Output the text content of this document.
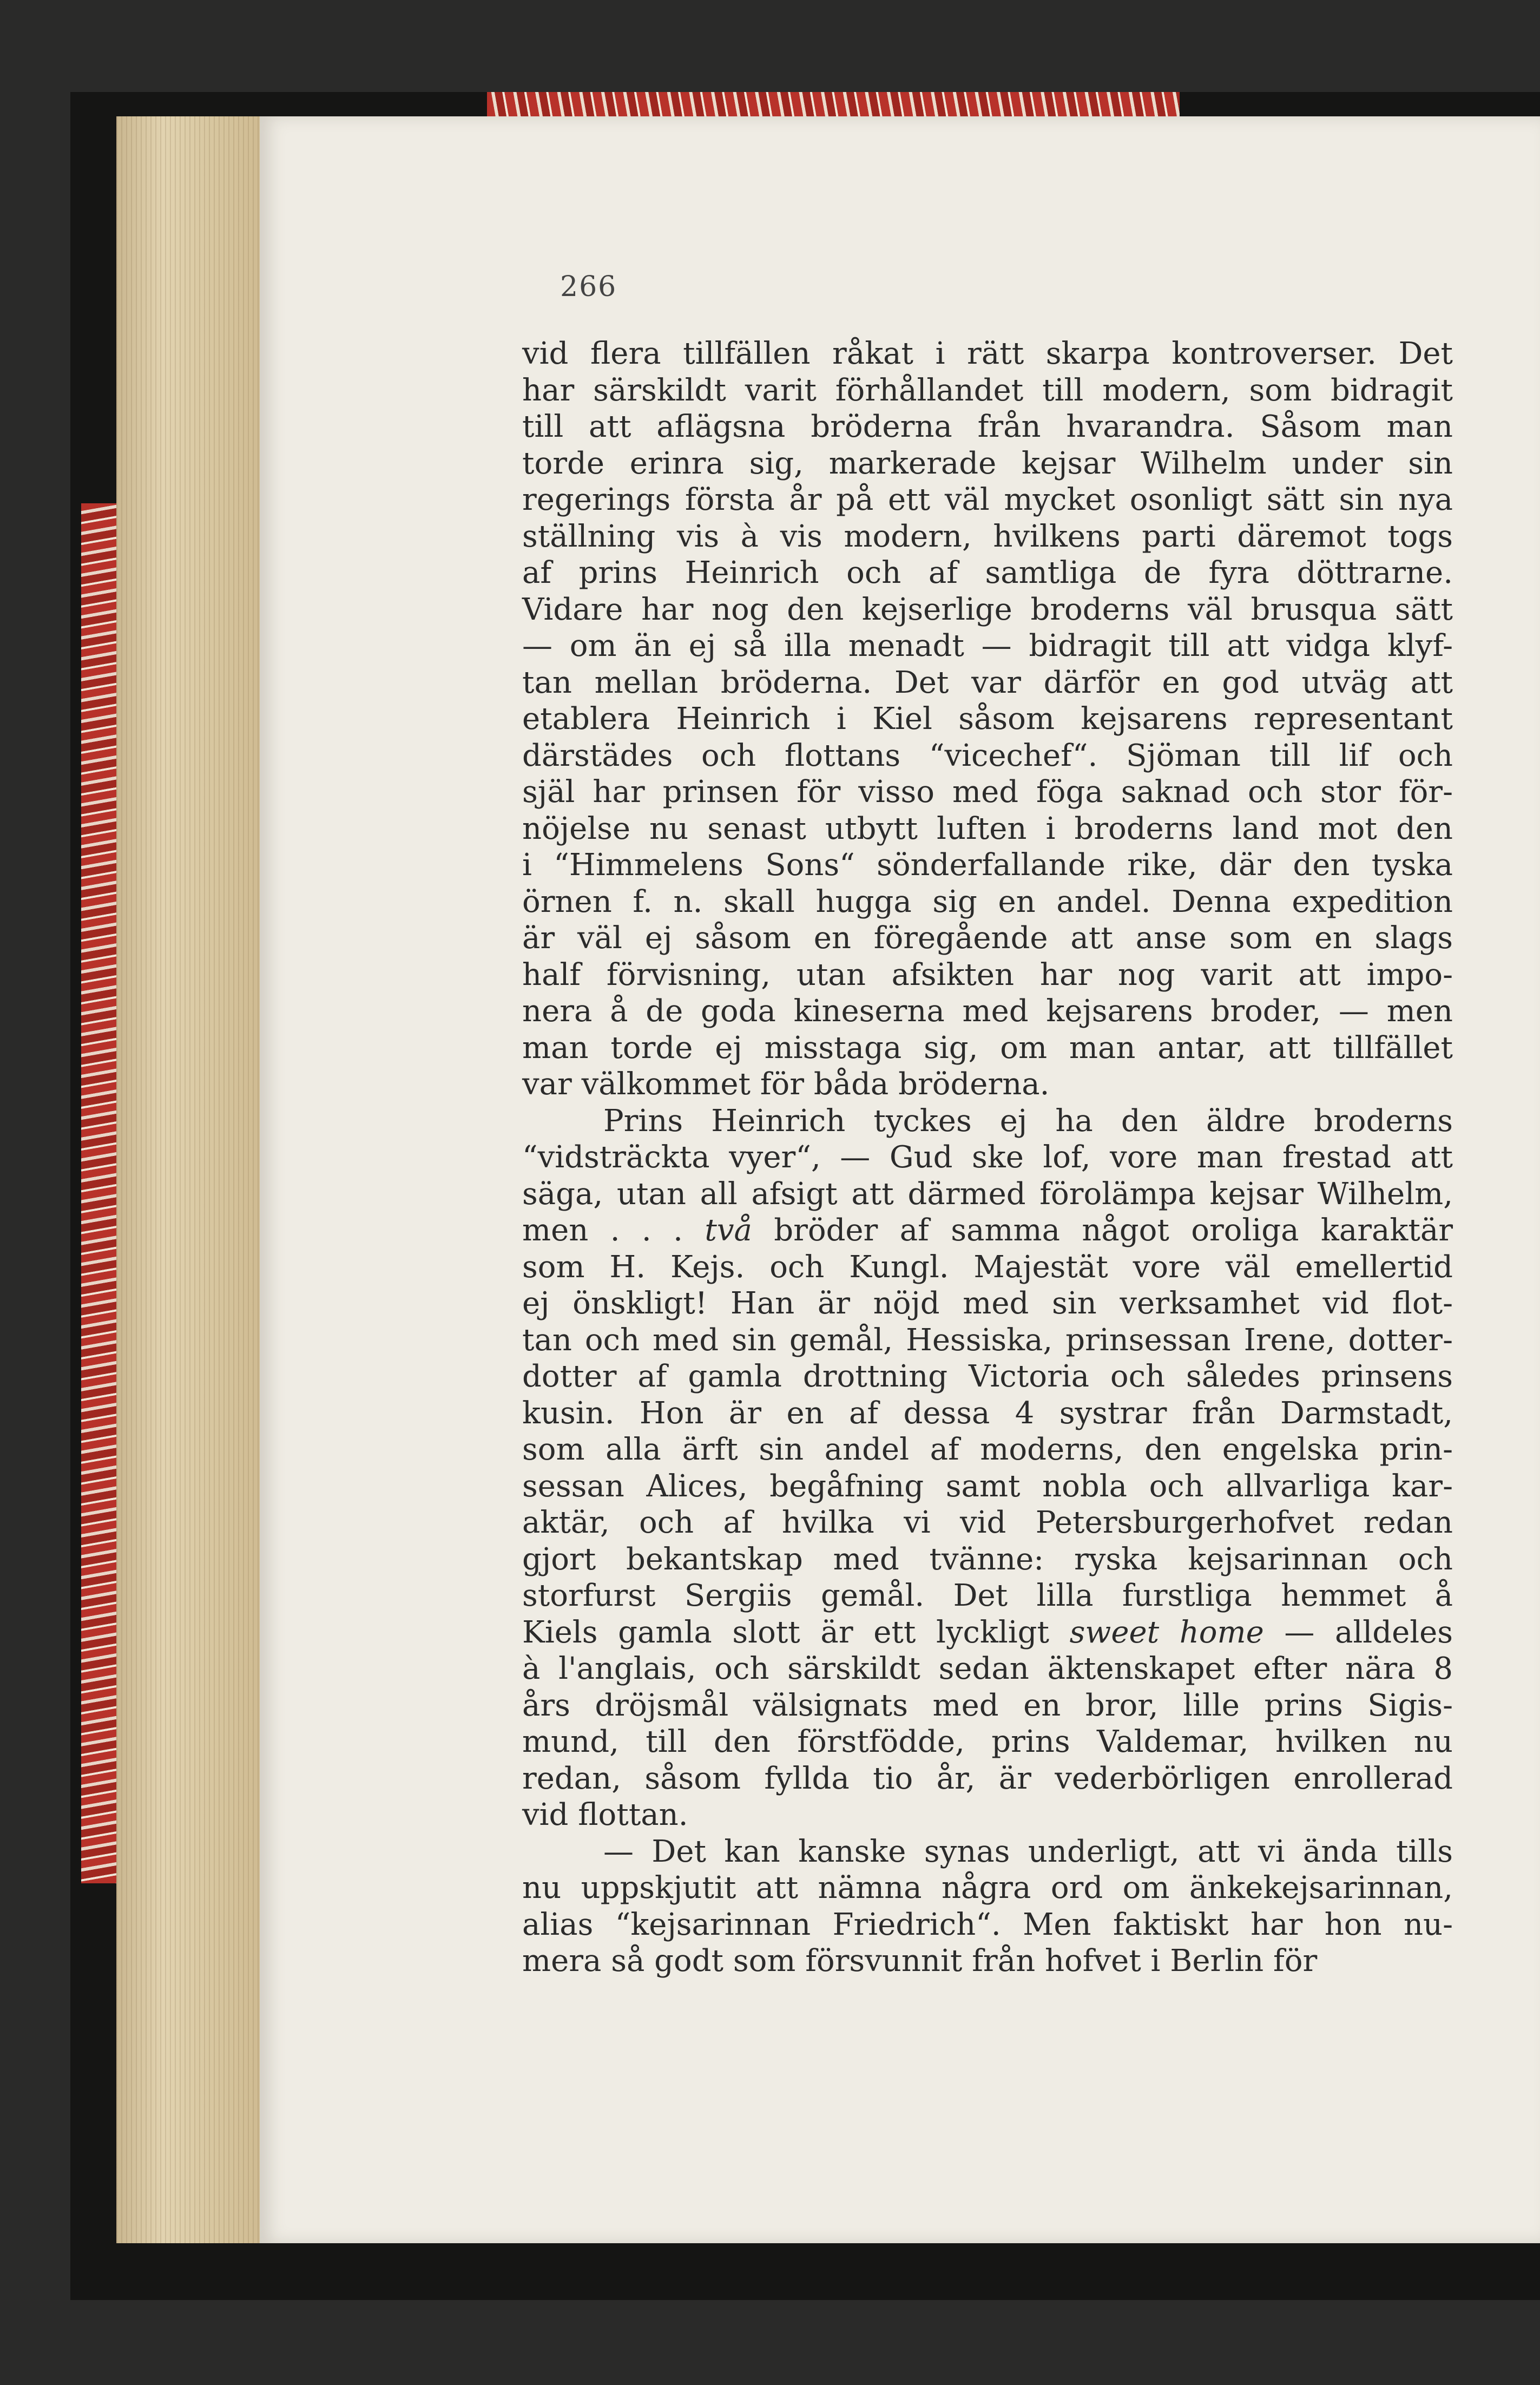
266
vid flera tillfällen råkat i rätt skarpa kontroverser. Det
har särskildt varit förhållandet till modern, som bidragit
till att aflägsna bröderna från hvarandra. Såsom man
torde erinra sig, markerade kejsar Wilhelm under sin
regerings första år på ett väl mycket osonligt sätt sin nya
ställning vis à vis modern, hvilkens parti däremot togs
af prins Heinrich och af samtliga de fyra döttrarne.
Vidare har nog den kejserlige broderns väl brusqua sätt
— om än ej så illa menadt — bidragit till att vidga klyf-
tan mellan bröderna. Det var därför en god utväg att
etablera Heinrich i Kiel såsom kejsarens representant
därstädes och flottans “vicechef“. Sjöman till lif och
själ har prinsen för visso med föga saknad och stor för-
nöjelse nu senast utbytt luften i broderns land mot den
i “Himmelens Sons“ sönderfallande rike, där den tyska
örnen f. n. skall hugga sig en andel. Denna expedition
är väl ej såsom en föregående att anse som en slags
half förvisning, utan afsikten har nog varit att impo-
nera å de goda kineserna med kejsarens broder, — men
man torde ej misstaga sig, om man antar, att tillfället
var välkommet för båda bröderna.
Prins Heinrich tyckes ej ha den äldre broderns
“vidsträckta vyer“, — Gud ske lof, vore man frestad att
säga, utan all afsigt att därmed förolämpa kejsar Wilhelm,
men . . . två bröder af samma något oroliga karaktär
som H. Kejs. och Kungl. Majestät vore väl emellertid
ej önskligt! Han är nöjd med sin verksamhet vid flot-
tan och med sin gemål, Hessiska, prinsessan Irene, dotter-
dotter af gamla drottning Victoria och således prinsens
kusin. Hon är en af dessa 4 systrar från Darmstadt,
som alla ärft sin andel af moderns, den engelska prin-
sessan Alices, begåfning samt nobla och allvarliga kar-
aktär, och af hvilka vi vid Petersburgerhofvet redan
gjort bekantskap med tvänne: ryska kejsarinnan och
storfurst Sergiis gemål. Det lilla furstliga hemmet å
Kiels gamla slott är ett lyckligt sweet home — alldeles
à l'anglais, och särskildt sedan äktenskapet efter nära 8
års dröjsmål välsignats med en bror, lille prins Sigis-
mund, till den förstfödde, prins Valdemar, hvilken nu
redan, såsom fyllda tio år, är vederbörligen enrollerad
vid flottan.
— Det kan kanske synas underligt, att vi ända tills
nu uppskjutit att nämna några ord om änkekejsarinnan,
alias “kejsarinnan Friedrich“. Men faktiskt har hon nu-
mera så godt som försvunnit från hofvet i Berlin för
